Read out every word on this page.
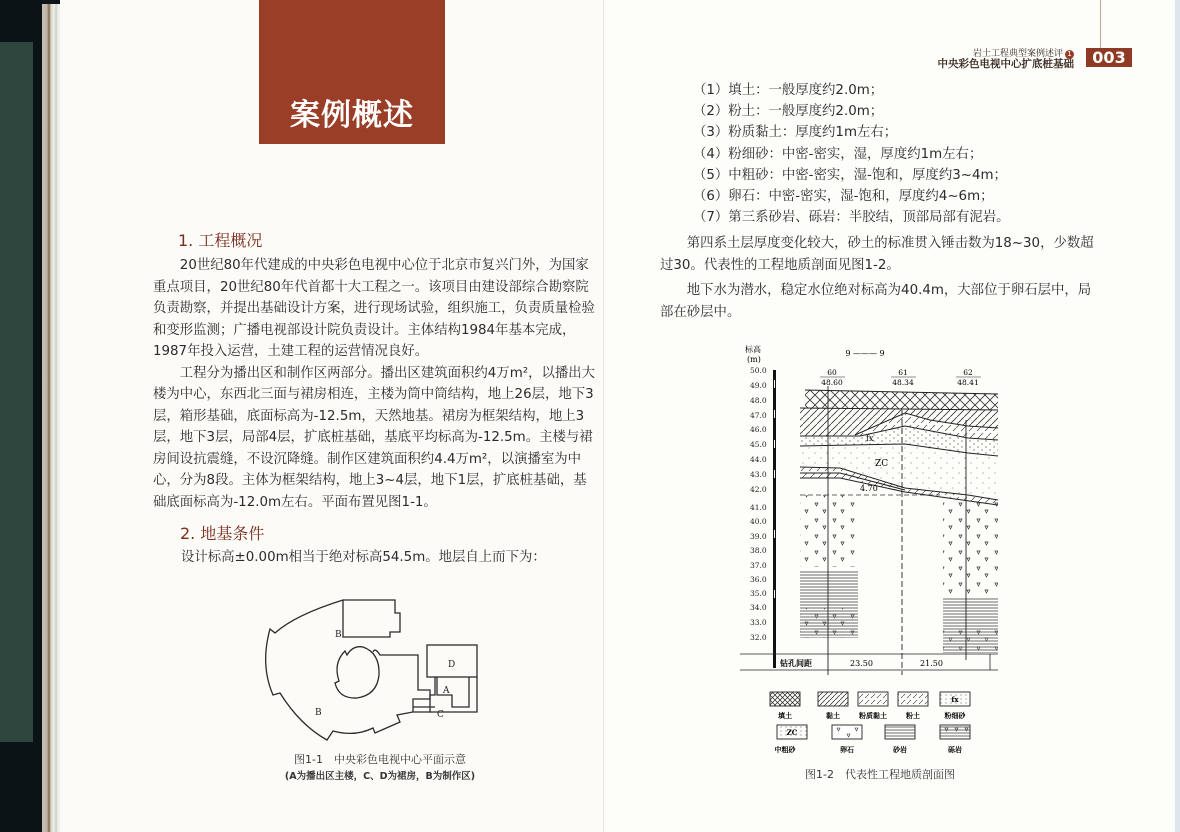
案例概述
1. 工程概况

20世纪80年代建成的中央彩色电视中心位于北京市复兴门外，为国家重点项目，20世纪80年代首都十大工程之一。该项目由建设部综合勘察院负责勘察，并提出基础设计方案，进行现场试验，组织施工，负责质量检验和变形监测；广播电视部设计院负责设计。主体结构1984年基本完成，1987年投入运营，土建工程的运营情况良好。

工程分为播出区和制作区两部分。播出区建筑面积约4万m²，以播出大楼为中心，东西北三面与裙房相连，主楼为筒中筒结构，地上26层，地下3层，箱形基础，底面标高为-12.5m，天然地基。裙房为框架结构，地上3层，地下3层，局部4层，扩底桩基础，基底平均标高为-12.5m。主楼与裙房间设抗震缝，不设沉降缝。制作区建筑面积约4.4万m²，以演播室为中心，分为8段。主体为框架结构，地上3~4层，地下1层，扩底桩基础，基础底面标高为-12.0m左右。平面布置见图1-1。

2. 地基条件
设计标高±0.00m相当于绝对标高54.5m。地层自上而下为：
B
B
D
A
C
图1-1　中央彩色电视中心平面示意
(A为播出区主楼，C、D为裙房，B为制作区)
岩土工程典型案例述评 1
中央彩色电视中心扩底桩基础	003

（1）填土：一般厚度约2.0m；

（2）粉土：一般厚度约2.0m；

（3）粉质黏土：厚度约1m左右；

（4）粉细砂：中密-密实，湿，厚度约1m左右；

（5）中粗砂：中密-密实，湿-饱和，厚度约3~4m；

（6）卵石：中密-密实，湿-饱和，厚度约4~6m；

（7）第三系砂岩、砾岩：半胶结，顶部局部有泥岩。

第四系土层厚度变化较大，砂土的标准贯入锤击数为18~30，少数超过30。代表性的工程地质剖面见图1-2。

地下水为潜水，稳定水位绝对标高为40.4m，大部位于卵石层中，局部在砂层中。

标高
(m)
50.0
49.0
48.0
47.0
46.0
45.0
44.0
43.0
42.0
41.0
40.0
39.0
38.0
37.0
36.0
35.0
34.0
33.0
32.0
9 ——— 9
60
48.60
61
48.34
62
48.41
4.70
fx
ZC
钻孔间距	23.50	21.50
fx
ZC
填土	黏土	粉质黏土	粉土	粉细砂
中粗砂	卵石	砂岩	砾岩
图1-2　代表性工程地质剖面图
